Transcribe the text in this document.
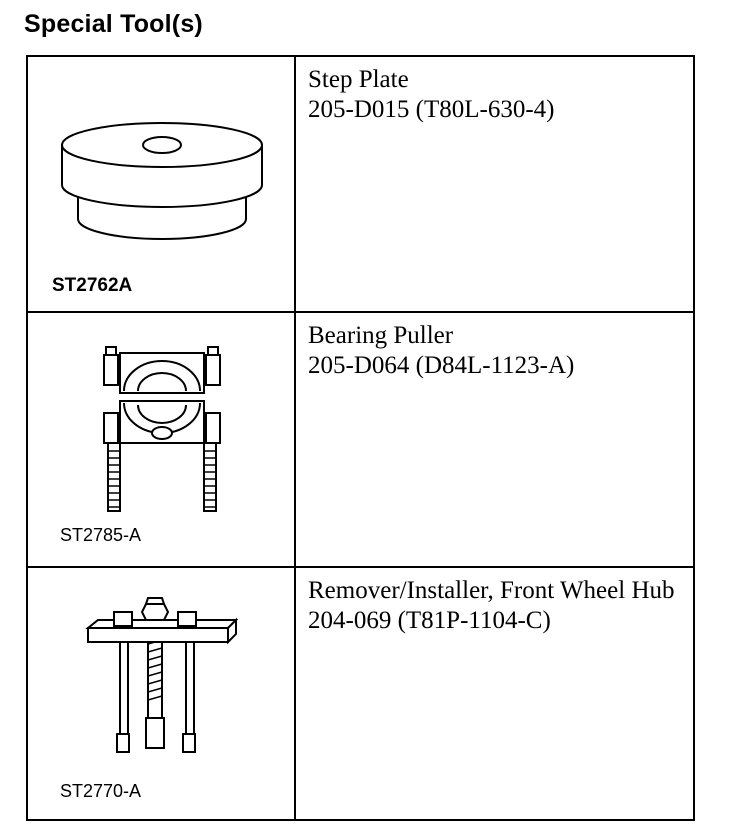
Special Tool(s)
ST2762A
Step Plate
205-D015 (T80L-630-4)
ST2785-A
Bearing Puller
205-D064 (D84L-1123-A)
ST2770-A
Remover/Installer, Front Wheel Hub
204-069 (T81P-1104-C)
